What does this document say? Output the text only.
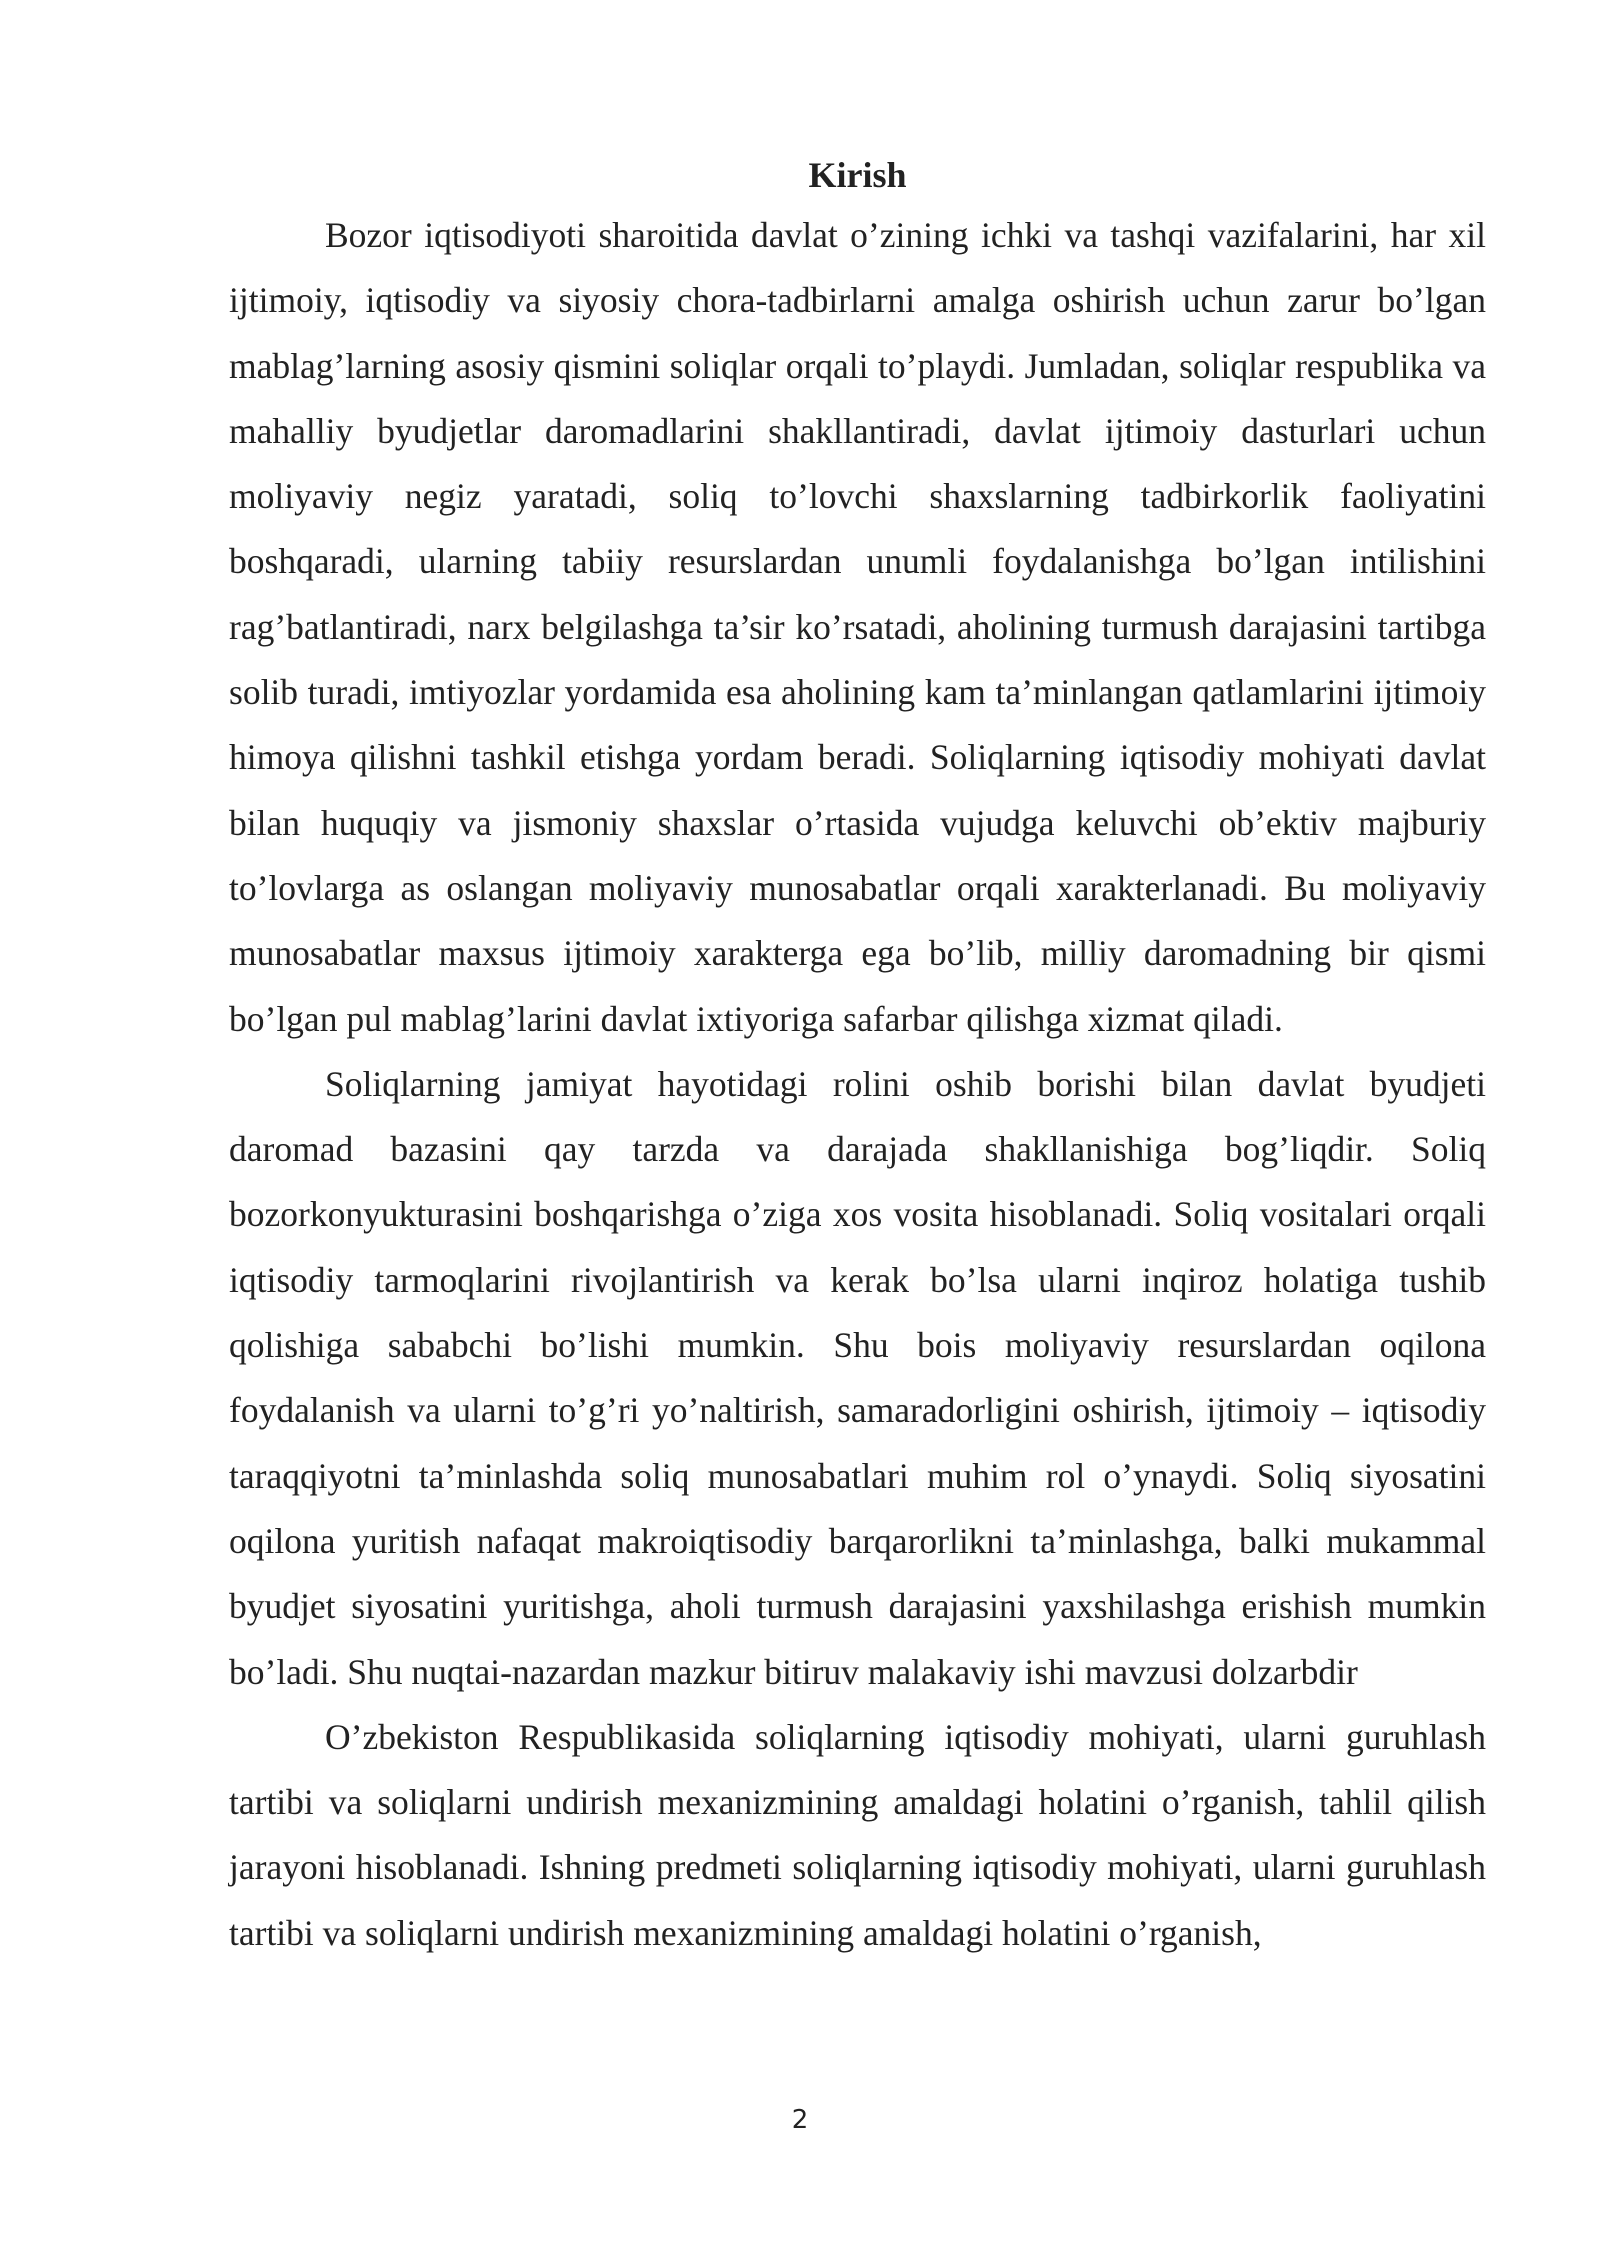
Kirish

Bozor iqtisodiyoti sharoitida davlat o’zining ichki va tashqi vazifalarini, har xil ijtimoiy, iqtisodiy va siyosiy chora-tadbirlarni amalga oshirish uchun zarur bo’lgan mablag’larning asosiy qismini soliqlar orqali to’playdi. Jumladan, soliqlar respublika va mahalliy byudjetlar daromadlarini shakllantiradi, davlat ijtimoiy dasturlari uchun moliyaviy negiz yaratadi, soliq to’lovchi shaxslarning tadbirkorlik faoliyatini boshqaradi, ularning tabiiy resurslardan unumli foydalanishga bo’lgan intilishini rag’batlantiradi, narx belgilashga ta’sir ko’rsatadi, aholining turmush darajasini tartibga solib turadi, imtiyozlar yordamida esa aholining kam ta’minlangan qatlamlarini ijtimoiy himoya qilishni tashkil etishga yordam beradi. Soliqlarning iqtisodiy mohiyati davlat bilan huquqiy va jismoniy shaxslar o’rtasida vujudga keluvchi ob’ektiv majburiy to’lovlarga as oslangan moliyaviy munosabatlar orqali xarakterlanadi. Bu moliyaviy munosabatlar maxsus ijtimoiy xarakterga ega bo’lib, milliy daromadning bir qismi bo’lgan pul mablag’larini davlat ixtiyoriga safarbar qilishga xizmat qiladi.

Soliqlarning jamiyat hayotidagi rolini oshib borishi bilan davlat byudjeti daromad bazasini qay tarzda va darajada shakllanishiga bog’liqdir. Soliq bozorkonyukturasini boshqarishga o’ziga xos vosita hisoblanadi. Soliq vositalari orqali iqtisodiy tarmoqlarini rivojlantirish va kerak bo’lsa ularni inqiroz holatiga tushib qolishiga sababchi bo’lishi mumkin. Shu bois moliyaviy resurslardan oqilona foydalanish va ularni to’g’ri yo’naltirish, samaradorligini oshirish, ijtimoiy – iqtisodiy taraqqiyotni ta’minlashda soliq munosabatlari muhim rol o’ynaydi. Soliq siyosatini oqilona yuritish nafaqat makroiqtisodiy barqarorlikni ta’minlashga, balki mukammal byudjet siyosatini yuritishga, aholi turmush darajasini yaxshilashga erishish mumkin bo’ladi. Shu nuqtai-nazardan mazkur bitiruv malakaviy ishi mavzusi dolzarbdir

O’zbekiston Respublikasida soliqlarning iqtisodiy mohiyati, ularni guruhlash tartibi va soliqlarni undirish mexanizmining amaldagi holatini o’rganish, tahlil qilish jarayoni hisoblanadi. Ishning predmeti soliqlarning iqtisodiy mohiyati, ularni guruhlash tartibi va soliqlarni undirish mexanizmining amaldagi holatini o’rganish,

2
